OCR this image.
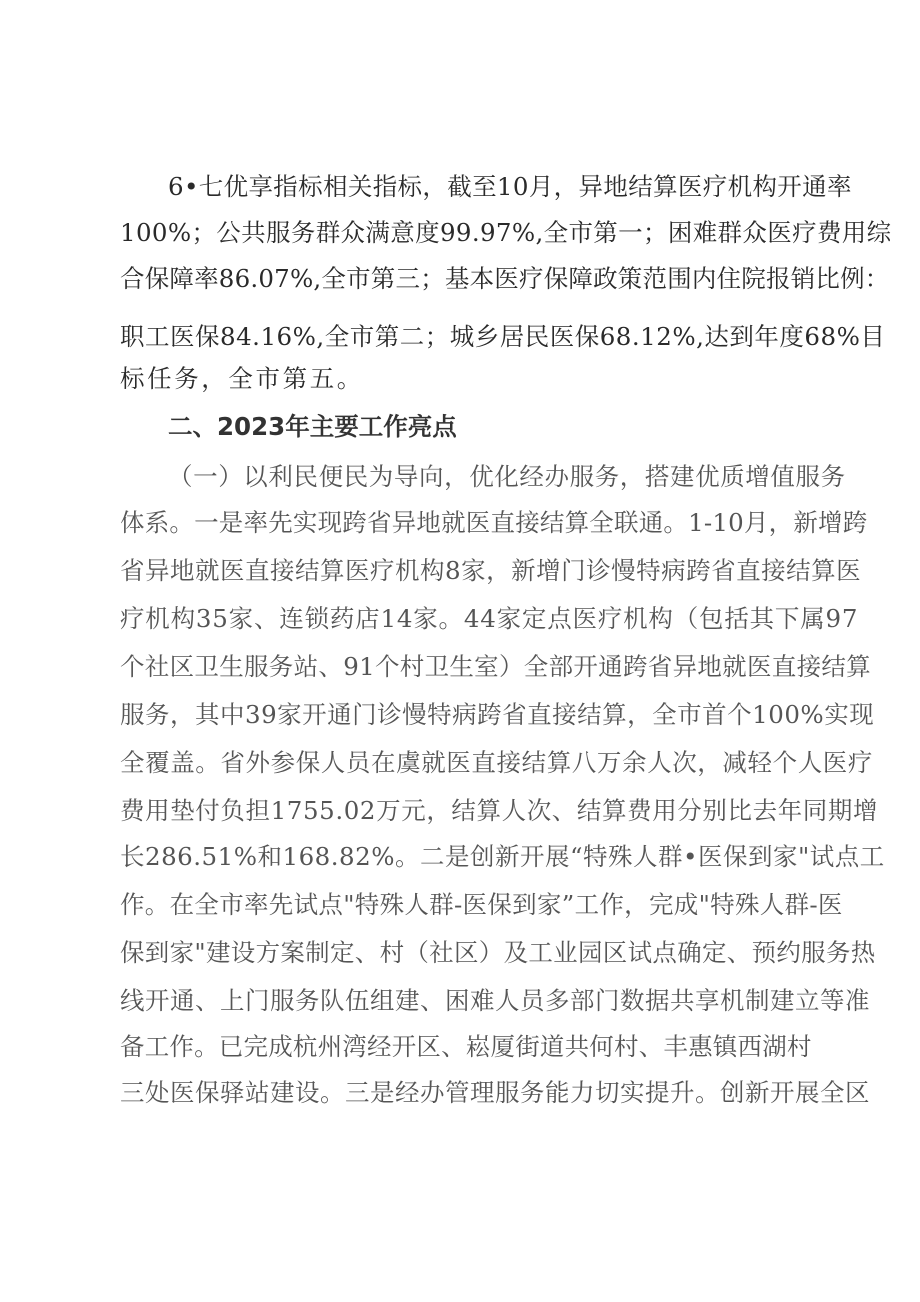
6•七优享指标相关指标，截至10月，异地结算医疗机构开通率
100%；公共服务群众满意度99.97%,全市第一；困难群众医疗费用综
合保障率86.07%,全市第三；基本医疗保障政策范围内住院报销比例：
职工医保84.16%,全市第二；城乡居民医保68.12%,达到年度68%目
标任务，全市第五。
二、2023年主要工作亮点
（一）以利民便民为导向，优化经办服务，搭建优质增值服务
体系。一是率先实现跨省异地就医直接结算全联通。1-10月，新增跨
省异地就医直接结算医疗机构8家，新增门诊慢特病跨省直接结算医
疗机构35家、连锁药店14家。44家定点医疗机构（包括其下属97
个社区卫生服务站、91个村卫生室）全部开通跨省异地就医直接结算
服务，其中39家开通门诊慢特病跨省直接结算，全市首个100%实现
全覆盖。省外参保人员在虞就医直接结算八万余人次，减轻个人医疗
费用垫付负担1755.02万元，结算人次、结算费用分别比去年同期增
长286.51%和168.82%。二是创新开展“特殊人群•医保到家"试点工
作。在全市率先试点"特殊人群-医保到家”工作，完成"特殊人群-医
保到家"建设方案制定、村（社区）及工业园区试点确定、预约服务热
线开通、上门服务队伍组建、困难人员多部门数据共享机制建立等准
备工作。已完成杭州湾经开区、崧厦街道共何村、丰惠镇西湖村
三处医保驿站建设。三是经办管理服务能力切实提升。创新开展全区
